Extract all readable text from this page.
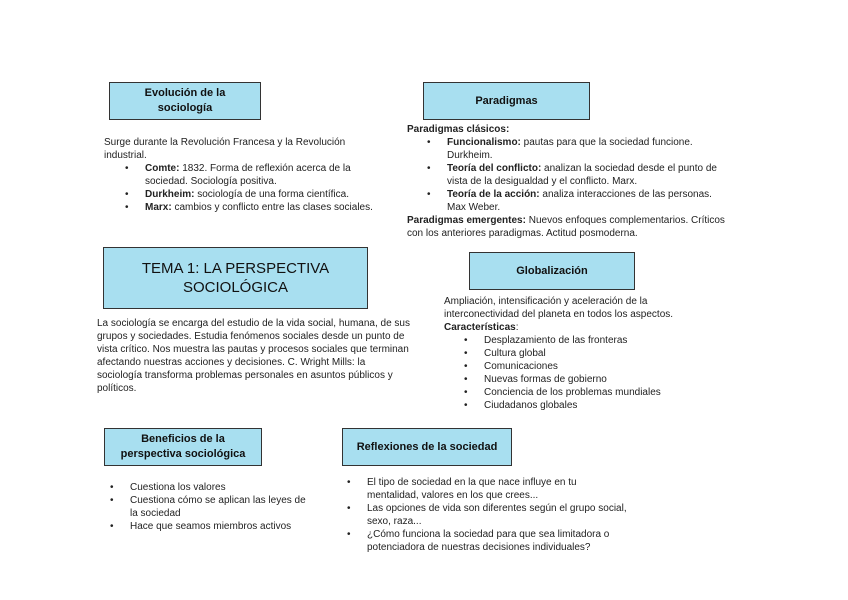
Evolución de la sociología

Surge durante la Revolución Francesa y la Revolución industrial.

• Comte: 1832. Forma de reflexión acerca de la sociedad. Sociología positiva.
• Durkheim: sociología de una forma científica.
• Marx: cambios y conflicto entre las clases sociales.
Paradigmas

Paradigmas clásicos:

• Funcionalismo: pautas para que la sociedad funcione. Durkheim.
• Teoría del conflicto: analizan la sociedad desde el punto de vista de la desigualdad y el conflicto. Marx.
• Teoría de la acción: analiza interacciones de las personas. Max Weber.

Paradigmas emergentes: Nuevos enfoques complementarios. Críticos con los anteriores paradigmas. Actitud posmoderna.

TEMA 1: LA PERSPECTIVA SOCIOLÓGICA

La sociología se encarga del estudio de la vida social, humana, de sus grupos y sociedades. Estudia fenómenos sociales desde un punto de vista crítico. Nos muestra las pautas y procesos sociales que terminan afectando nuestras acciones y decisiones. C. Wright Mills: la sociología transforma problemas personales en asuntos públicos y políticos.

Globalización

Ampliación, intensificación y aceleración de la interconectividad del planeta en todos los aspectos. Características:

• Desplazamiento de las fronteras
• Cultura global
• Comunicaciones
• Nuevas formas de gobierno
• Conciencia de los problemas mundiales
• Ciudadanos globales
Beneficios de la perspectiva sociológica
• Cuestiona los valores
• Cuestiona cómo se aplican las leyes de la sociedad
• Hace que seamos miembros activos
Reflexiones de la sociedad
• El tipo de sociedad en la que nace influye en tu mentalidad, valores en los que crees...
• Las opciones de vida son diferentes según el grupo social, sexo, raza...
• ¿Cómo funciona la sociedad para que sea limitadora o potenciadora de nuestras decisiones individuales?
